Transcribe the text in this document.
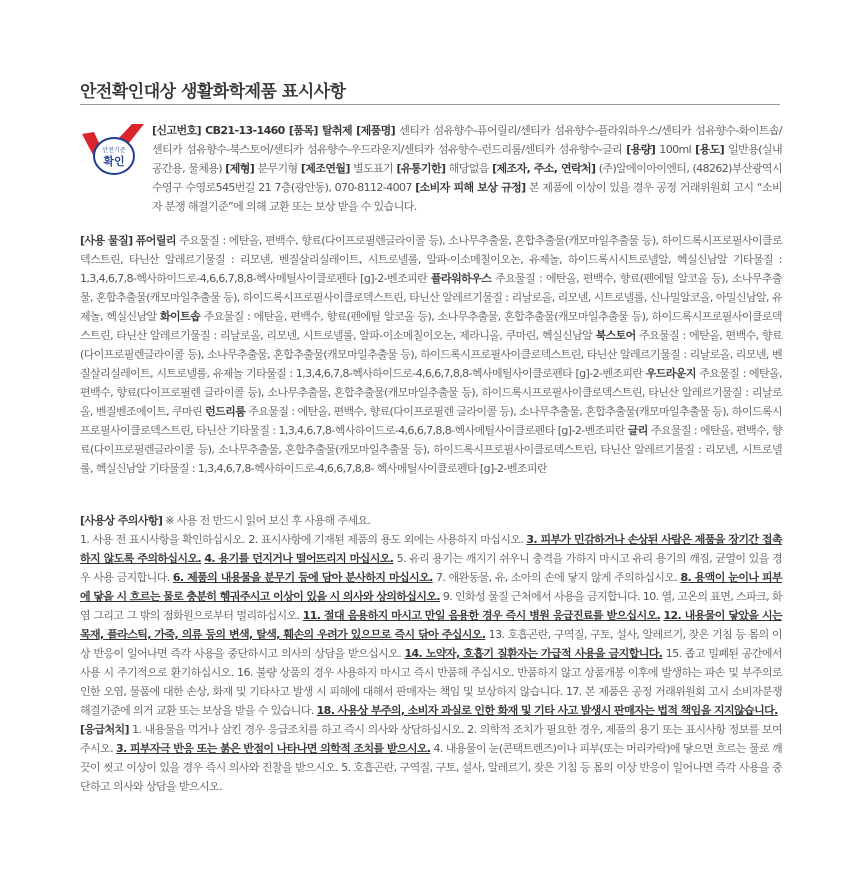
안전확인대상 생활화학제품 표시사항
안전기준
확인
[신고번호] CB21-13-1460 [품목] 탈취제 [제품명] 센티카 섬유향수-퓨어릴리/센티카 섬유향수-플라워하우스/센티카 섬유향수-화이트솝/센티카 섬유향수-북스토어/센티카 섬유향수-우드라운지/센티카 섬유향수-런드리룸/센티카 섬유향수-글리 [용량] 100ml [용도] 일반용(실내공간용, 물체용) [제형] 분무기형 [제조연월] 별도표기 [유통기한] 해당없음 [제조자, 주소, 연락처] (주)알에이아이엔티, (48262)부산광역시 수영구 수영로545번길 21 7층(광안동), 070-8112-4007 [소비자 피해 보상 규정] 본 제품에 이상이 있을 경우 공정 거래위원회 고시 “소비자 분쟁 해결기준”에 의해 교환 또는 보상 받을 수 있습니다.
[사용 물질] 퓨어릴리 주요물질 : 에탄올, 편백수, 향료(다이프로필렌글라이콜 등), 소나무추출물, 혼합추출물(캐모마일추출물 등), 하이드록시프로필사이클로덱스트린, 타닌산 알레르기물질 : 리모넨, 벤질살리실레이트, 시트로넬롤, 알파-이소메칠이오논, 유제놀, 하이드록시시트로넬알, 헥실신남알 기타물질 : 1,3,4,6,7,8-헥사하이드로-4,6,6,7,8,8-헥사메틸사이클로펜타 [g]-2-벤조피란 플라워하우스 주요물질 : 에탄올, 편백수, 향료(펜에틸 알코올 등), 소나무추출물, 혼합추출물(캐모마일추출물 등), 하이드록시프로필사이클로덱스트린, 타닌산 알레르기물질 : 리날로올, 리모넨, 시트로넬롤, 신나밀알코올, 아밀신남알, 유제놀, 헥실신남알 화이트솝 주요물질 : 에탄올, 편백수, 향료(펜에틸 알코올 등), 소나무추출물, 혼합추출물(캐모마일추출물 등), 하이드록시프로필사이클로덱스트린, 타닌산 알레르기물질 : 리날로올, 리모넨, 시트로넬롤, 알파-이소메칠이오논, 제라니올, 쿠마린, 헥실신남알 북스토어 주요물질 : 에탄올, 편백수, 향료(다이프로필렌글라이콜 등), 소나무추출물, 혼합추출물(캐모마일추출물 등), 하이드록시프로필사이클로덱스트린, 타닌산 알레르기물질 : 리날로올, 리모넨, 벤질살리실레이트, 시트로넬롤, 유제놀 기타물질 : 1,3,4,6,7,8-헥사하이드로-4,6,6,7,8,8-헥사메틸사이클로펜타 [g]-2-벤조피란 우드라운지 주요물질 : 에탄올, 편백수, 향료(다이프로필렌 글라이콜 등), 소나무추출물, 혼합추출물(캐모마일추출물 등), 하이드록시프로필사이클로덱스트린, 타닌산 알레르기물질 : 리날로올, 벤질벤조에이트, 쿠마린 런드리룸 주요물질 : 에탄올, 편백수, 향료(다이프로필렌 글라이콜 등), 소나무추출물, 혼합추출물(캐모마일추출물 등), 하이드록시프로필사이클로덱스트린, 타닌산 기타물질 : 1,3,4,6,7,8-헥사하이드로-4,6,6,7,8,8-헥사메틸사이클로펜타 [g]-2-벤조피란 글리 주요물질 : 에탄올, 편백수, 향료(다이프로필렌글라이콜 등), 소나무추출물, 혼합추출물(캐모마일추출물 등), 하이드록시프로필사이클로덱스트린, 타닌산 알레르기물질 : 리모넨, 시트로넬롤, 헥실신남알 기타물질 : 1,3,4,6,7,8-헥사하이드로-4,6,6,7,8,8- 헥사메틸사이클로펜타 [g]-2-벤조피란
[사용상 주의사항] ※ 사용 전 반드시 읽어 보신 후 사용해 주세요.
1. 사용 전 표시사항을 확인하십시오. 2. 표시사항에 기재된 제품의 용도 외에는 사용하지 마십시오. 3. 피부가 민감하거나 손상된 사람은 제품을 장기간 접촉하지 않도록 주의하십시오. 4. 용기를 던지거나 떨어뜨리지 마십시오. 5. 유리 용기는 깨지기 쉬우니 충격을 가하지 마시고 유리 용기의 깨짐, 균열이 있을 경우 사용 금지합니다. 6. 제품의 내용물을 분무기 등에 담아 분사하지 마십시오. 7. 애완동물, 유, 소아의 손에 닿지 않게 주의하십시오. 8. 용액이 눈이나 피부에 닿을 시 흐르는 물로 충분히 헹궈주시고 이상이 있을 시 의사와 상의하십시오. 9. 인화성 물질 근처에서 사용을 금지합니다. 10. 열, 고온의 표면, 스파크, 화염 그리고 그 밖의 점화원으로부터 멀리하십시오. 11. 절대 음용하지 마시고 만일 음용한 경우 즉시 병원 응급진료를 받으십시오. 12. 내용물이 닿았을 시는 목재, 플라스틱, 가죽, 의류 등의 변색, 탈색, 훼손의 우려가 있으므로 즉시 닦아 주십시오. 13. 호흡곤란, 구역질, 구토, 설사, 알레르기, 잦은 기침 등 몸의 이상 반응이 일어나면 즉각 사용을 중단하시고 의사의 상담을 받으십시오. 14. 노약자, 호흡기 질환자는 가급적 사용을 금지합니다. 15. 좁고 밀폐된 공간에서 사용 시 주기적으로 환기하십시오. 16. 불량 상품의 경우 사용하지 마시고 즉시 반품해 주십시오. 반품하지 않고 상품개봉 이후에 발생하는 파손 및 부주의로 인한 오염, 물품에 대한 손상, 화재 및 기타사고 발생 시 피해에 대해서 판매자는 책임 및 보상하지 않습니다. 17. 본 제품은 공정 거래위원회 고시 소비자분쟁 해결기준에 의거 교환 또는 보상을 받을 수 있습니다. 18. 사용상 부주의, 소비자 과실로 인한 화재 및 기타 사고 발생시 판매자는 법적 책임을 지지않습니다.
[응급처치] 1. 내용물을 먹거나 삼킨 경우 응급조치를 하고 즉시 의사와 상담하십시오. 2. 의학적 조치가 필요한 경우, 제품의 용기 또는 표시사항 정보를 보여주시오. 3. 피부자극 반응 또는 붉은 반점이 나타나면 의학적 조치를 받으시오. 4. 내용물이 눈(콘택트렌즈)이나 피부(또는 머리카락)에 닿으면 흐르는 물로 깨끗이 씻고 이상이 있을 경우 즉시 의사와 진찰을 받으시오. 5. 호흡곤란, 구역질, 구토, 설사, 알레르기, 잦은 기침 등 몸의 이상 반응이 일어나면 즉각 사용을 중단하고 의사와 상담을 받으시오.
